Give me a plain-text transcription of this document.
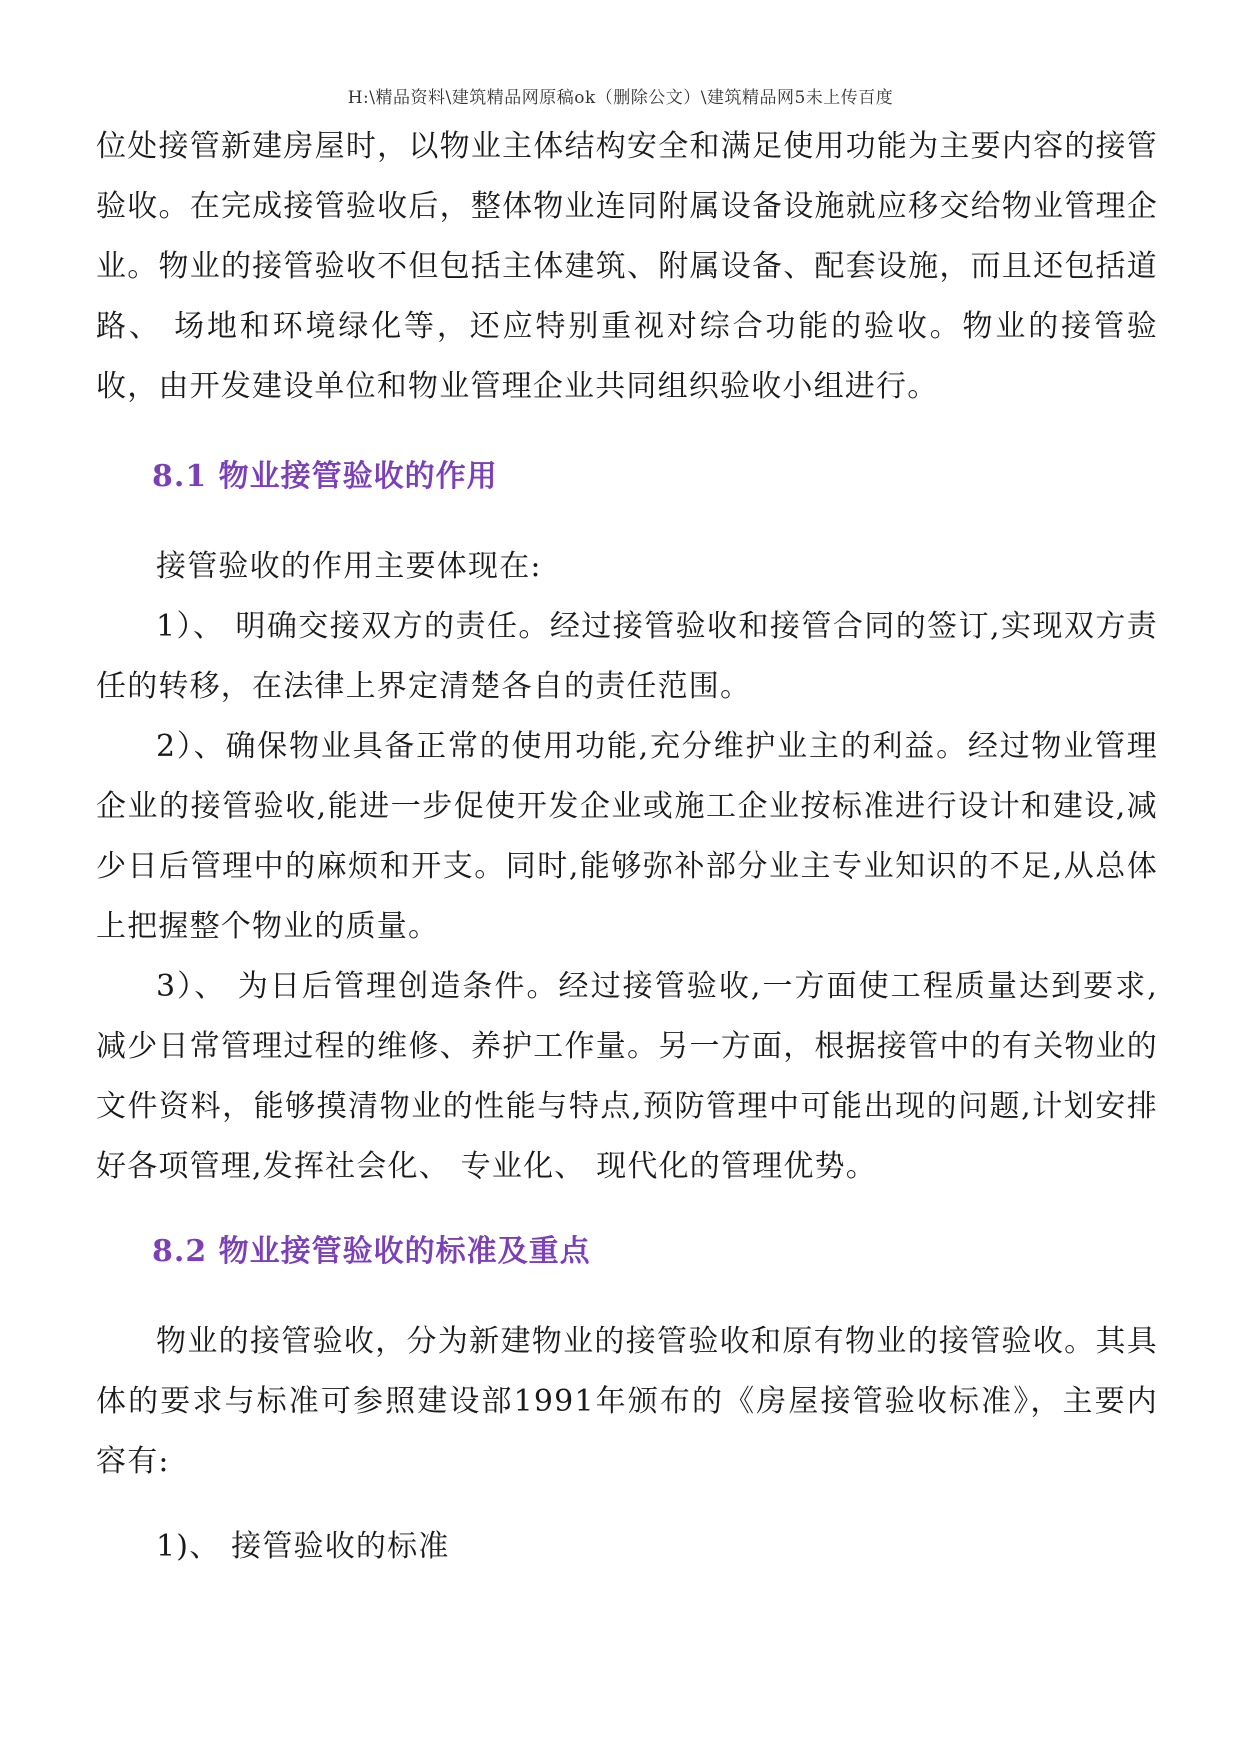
H:\精品资料\建筑精品网原稿ok（删除公文）\建筑精品网5未上传百度

位处接管新建房屋时，以物业主体结构安全和满足使用功能为主要内容的接管验收。在完成接管验收后，整体物业连同附属设备设施就应移交给物业管理企业。物业的接管验收不但包括主体建筑、附属设备、配套设施，而且还包括道路、 场地和环境绿化等，还应特别重视对综合功能的验收。物业的接管验收，由开发建设单位和物业管理企业共同组织验收小组进行。

8.1 物业接管验收的作用

接管验收的作用主要体现在:

1）、 明确交接双方的责任。经过接管验收和接管合同的签订,实现双方责任的转移，在法律上界定清楚各自的责任范围。

2）、确保物业具备正常的使用功能,充分维护业主的利益。经过物业管理企业的接管验收,能进一步促使开发企业或施工企业按标准进行设计和建设,减少日后管理中的麻烦和开支。同时,能够弥补部分业主专业知识的不足,从总体上把握整个物业的质量。

3）、 为日后管理创造条件。经过接管验收,一方面使工程质量达到要求,减少日常管理过程的维修、养护工作量。另一方面，根据接管中的有关物业的文件资料，能够摸清物业的性能与特点,预防管理中可能出现的问题,计划安排好各项管理,发挥社会化、 专业化、 现代化的管理优势。

8.2 物业接管验收的标准及重点

物业的接管验收，分为新建物业的接管验收和原有物业的接管验收。其具体的要求与标准可参照建设部1991年颁布的《房屋接管验收标准》，主要内容有:

1)、 接管验收的标准
